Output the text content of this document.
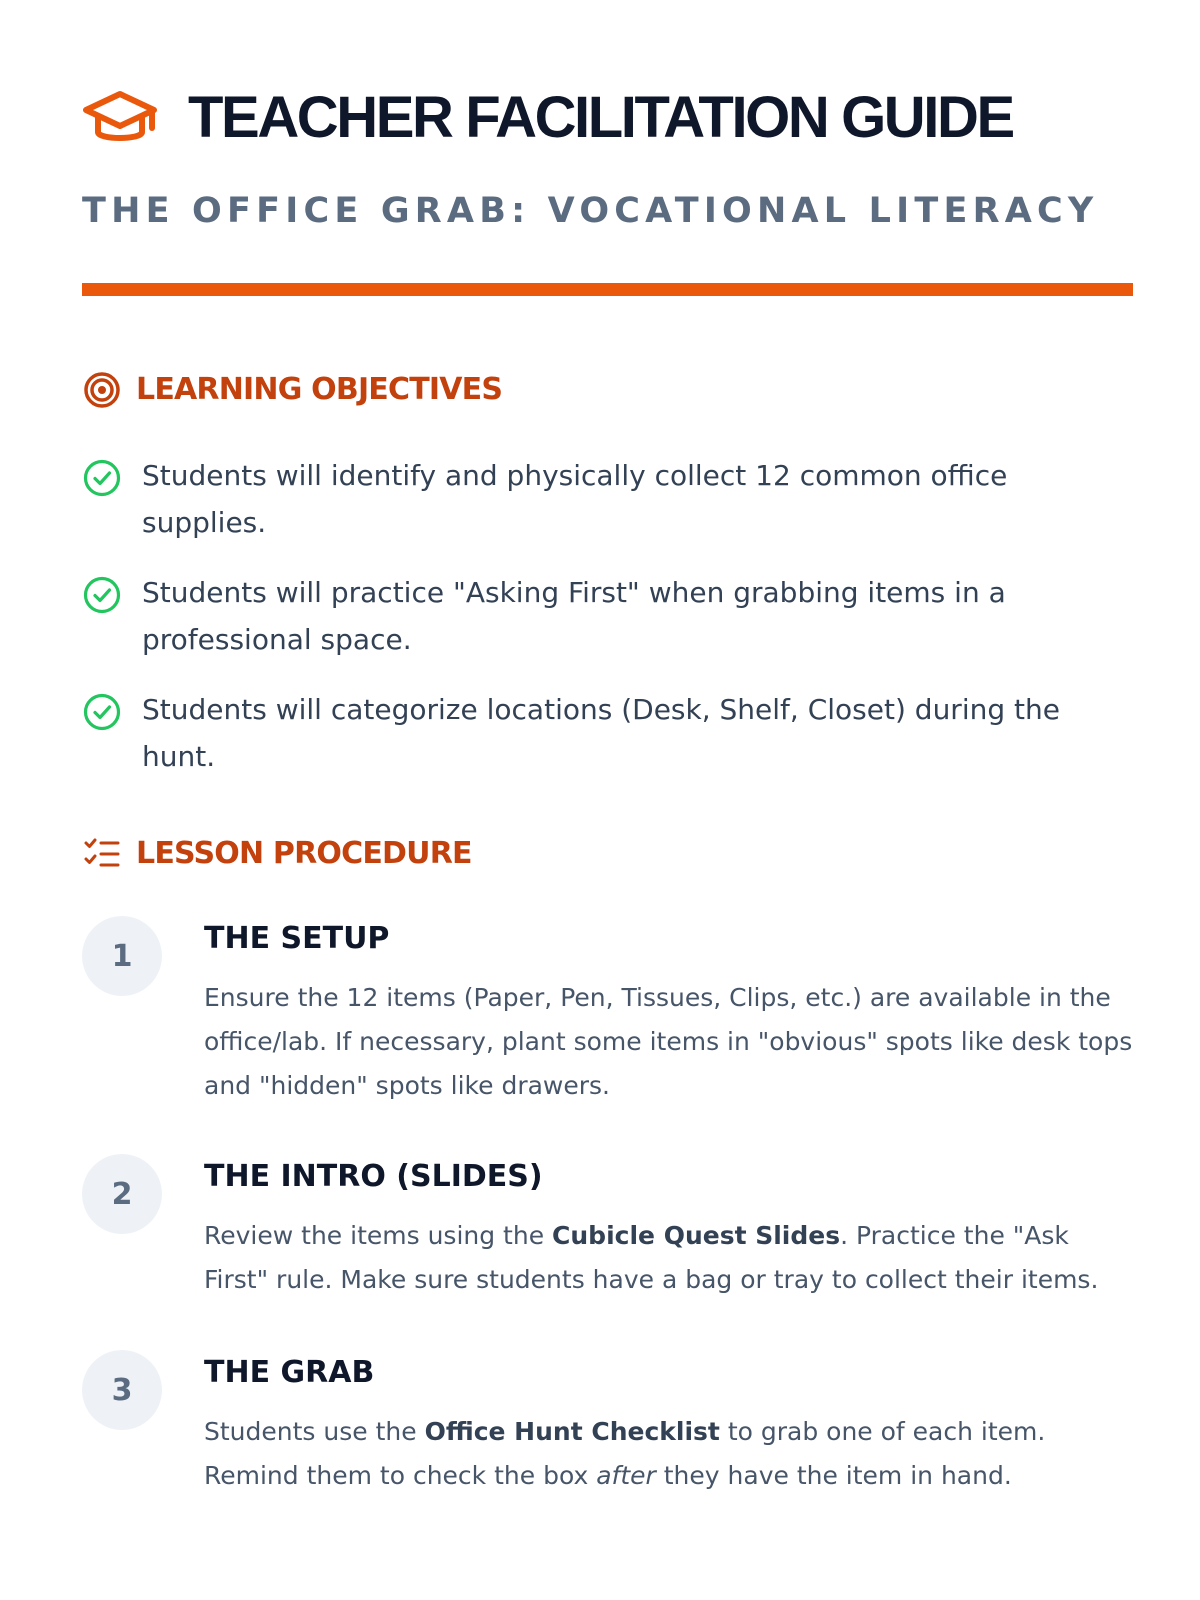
TEACHER FACILITATION GUIDE
THE OFFICE GRAB: VOCATIONAL LITERACY
LEARNING OBJECTIVES
Students will identify and physically collect 12 common office supplies.
Students will practice "Asking First" when grabbing items in a professional space.
Students will categorize locations (Desk, Shelf, Closet) during the hunt.
LESSON PROCEDURE
1	THE SETUP
Ensure the 12 items (Paper, Pen, Tissues, Clips, etc.) are available in the office/lab. If necessary, plant some items in "obvious" spots like desk tops and "hidden" spots like drawers.
2	THE INTRO (SLIDES)
Review the items using the Cubicle Quest Slides. Practice the "Ask First" rule. Make sure students have a bag or tray to collect their items.
3	THE GRAB
Students use the Office Hunt Checklist to grab one of each item. Remind them to check the box after they have the item in hand.
